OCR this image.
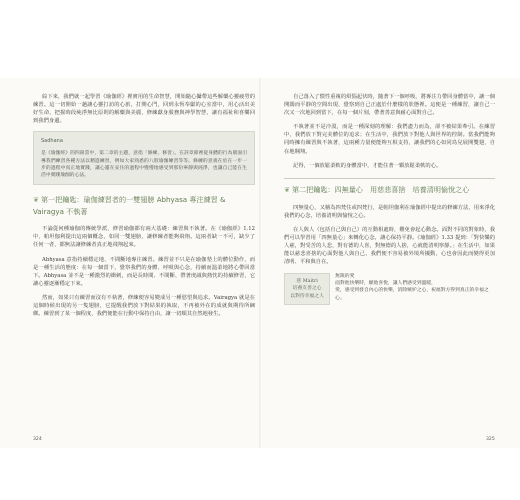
綜下來，我們就一起學習《瑜伽經》裡實用的生命智慧，開始隨心攝帶這些解藥心靈疲勞的練習。這一切開始一趟讓心靈打訪的心旅，打開心門，回到永恆奉獻的心室當中，用心活出美好生命，把握時段純淨無比原則的解藥與美麗，修練獻身服務與神學智慧，讓有福祉和喜樂回到我們身邊。

Sadhana
是《瑜伽經》的四冊當中，第二章的主題，意指「修練、修習」。在該章節裡從身體的行為層面引導我們練習各種方法以精進練習，例如大家熟悉的八肢瑜伽練習等等。修練的意義在於在一步一步的過程中真正地實踐，讓心靈在安住的過程中慢慢地感受到那份寧靜與純淨，也讓自己能在生活中實踐瑜伽的心法。
❦ 第一把鑰匙：瑜伽練習者的一雙翅膀 Abhyasa 專注練習 & Vairagya 不執著

不論從何種瑜伽的傳統學派，修習瑜伽都有兩大基礎：練習與不執著。在《瑜伽經》1.12 中，帕坦伽利提出這兩個概念，如同一雙翅膀，讓修練者能夠飛翔。這兩者缺一不可，缺少了任何一者，都無法讓修練者真正地飛翔起來。

Abhyasa 意指持續穩定地、不間斷地專注練習。練習並不只是在瑜伽墊上的體位動作，而是一種生活的態度：在每一個當下，覺察我們的身體、呼吸與心念，持續而溫柔地將心帶回當下。Abhyasa 並不是一種激烈的衝刺，而是長時間、不間斷、帶著虔誠與熱忱的持續修習，它讓心靈逐漸穩定下來。

然而，如果只有練習而沒有不執著，修練便容易變成另一種慾望與追求。Vairagya 就是在這個時候出現的另一隻翅膀，它提醒我們放下對結果的執取，不再被外在的成就與期待所綑綁。練習到了某一個程度，我們便能在行動中保持自由，讓一切順其自然地發生。

324

自己落入了慣性重複的煩惱起伏時，隨著下一個呼吸，將專注力帶回身體當中，讓一個開闊而平靜的空間出現，覺察到自己正處於什麼樣的狀態裡。這便是一種練習，讓自己一次又一次地回到當下，在每一個片刻，帶著善意與耐心面對自己。

不執著並不是冷漠，而是一種深刻的理解：我們盡力而為，卻不被結果牽引。在練習中，我們放下對完美體位的追求；在生活中，我們放下對他人與世界的控制。當我們能夠同時擁有練習與不執著，這兩種力量便能夠互相支持，讓我們的心如同鳥兒展開雙翅，自在地翱翔。

記得，一個放鬆柔軟的身體當中，才能住著一顆放鬆柔軟的心。

❦ 第二把鑰匙：四無量心　用慈悲喜捨　培養清明愉悅之心

四無量心，又稱為四梵住或四梵行，是帕坦伽利在瑜伽經中提出的修練方法，用來淨化我們的心念，培養清明與愉悅之心。

在人與人（包括自己與自己）的互動相處時，難免會起心動念。面對不同的對象時，我們可以學習用「四無量心」來轉化心念，讓心保持平靜。《瑜伽經》1.33 提到：「對快樂的人慈，對受苦的人悲，對有德的人喜，對無德的人捨，心就能清明寧靜。」在生活中，如果能以慈悲喜捨的心面對他人與自己，我們便不容易被外境所擾動，心也會因此而變得更加清明、平和與自在。

慈 Maitri
培養友善之心
以對待幸福之人
無限的愛
面對他快樂時，願他喜悅，讓人們感受到溫暖，
愛，感受到發自內心的快樂，消除嫉妒之心，祝福對方得到真正的幸福之心。
325
